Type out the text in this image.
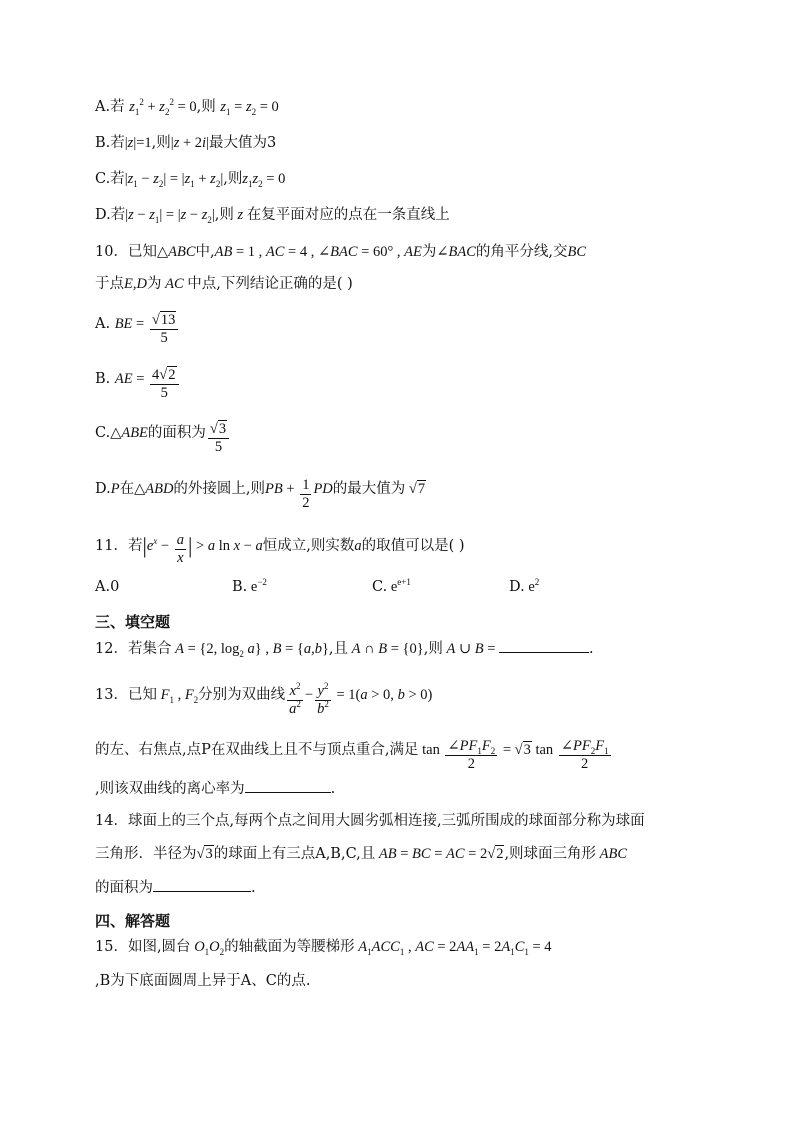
A.若 $z_1^2 + z_2^2 = 0$,则 $z_1 = z_2 = 0$
B.若|z|=1,则|z + 2i|最大值为3
C.若$|z_1 - z_2| = |z_1 + z_2|$,则$z_1z_2 = 0$
D.若$|z - z_1| = |z - z_2|$,则 z 在复平面对应的点在一条直线上
10．已知△ABC中,AB = 1 , AC = 4 , ∠BAC = 60° , AE为∠BAC的角平分线,交BC
于点E,D为 AC 中点,下列结论正确的是( )
A. BE = $\frac{√13}{5}$
B. AE = $\frac{4√2}{5}$
C.△ABE的面积为 $\frac{√3}{5}$
D.P在△ABD的外接圆上,则PB + $\frac{1}{2}$ PD的最大值为 √7
11．若$|e^x - \frac{a}{x}$ | > a ln x − a恒成立,则实数a的取值可以是( )
A.0	B. $e^{-2}$	C. $e^{e+1}$	D. $e^2$
三、填空题
12．若集合 A = {2, $\log_2 a$} , B = {a,b},且 A ∩ B = {0},则 A ∪ B =	.
13．已知 $F_1$ , $F_2$分别为双曲线 $\frac{x^2}{a^2} - \frac{y^2}{b^2} = 1(a > 0$, b > 0)
的左、右焦点,点P在双曲线上且不与顶点重合,满足 $\tan \frac{\angle PF_1F_2}{2} = √3$ $\tan \frac{\angle PF_2F_1}{2}$
,则该双曲线的离心率为	.
14．球面上的三个点,每两个点之间用大圆劣弧相连接,三弧所围成的球面部分称为球面
三角形．半径为√3的球面上有三点A,B,C,且 AB = BC = AC = 2√2,则球面三角形 ABC
的面积为	.
四、解答题
15．如图,圆台 $O_1O_2$的轴截面为等腰梯形 $A_1ACC_1$ , AC = $2AA_1 = 2A_1C_1 = 4$
,B为下底面圆周上异于A、C的点.
